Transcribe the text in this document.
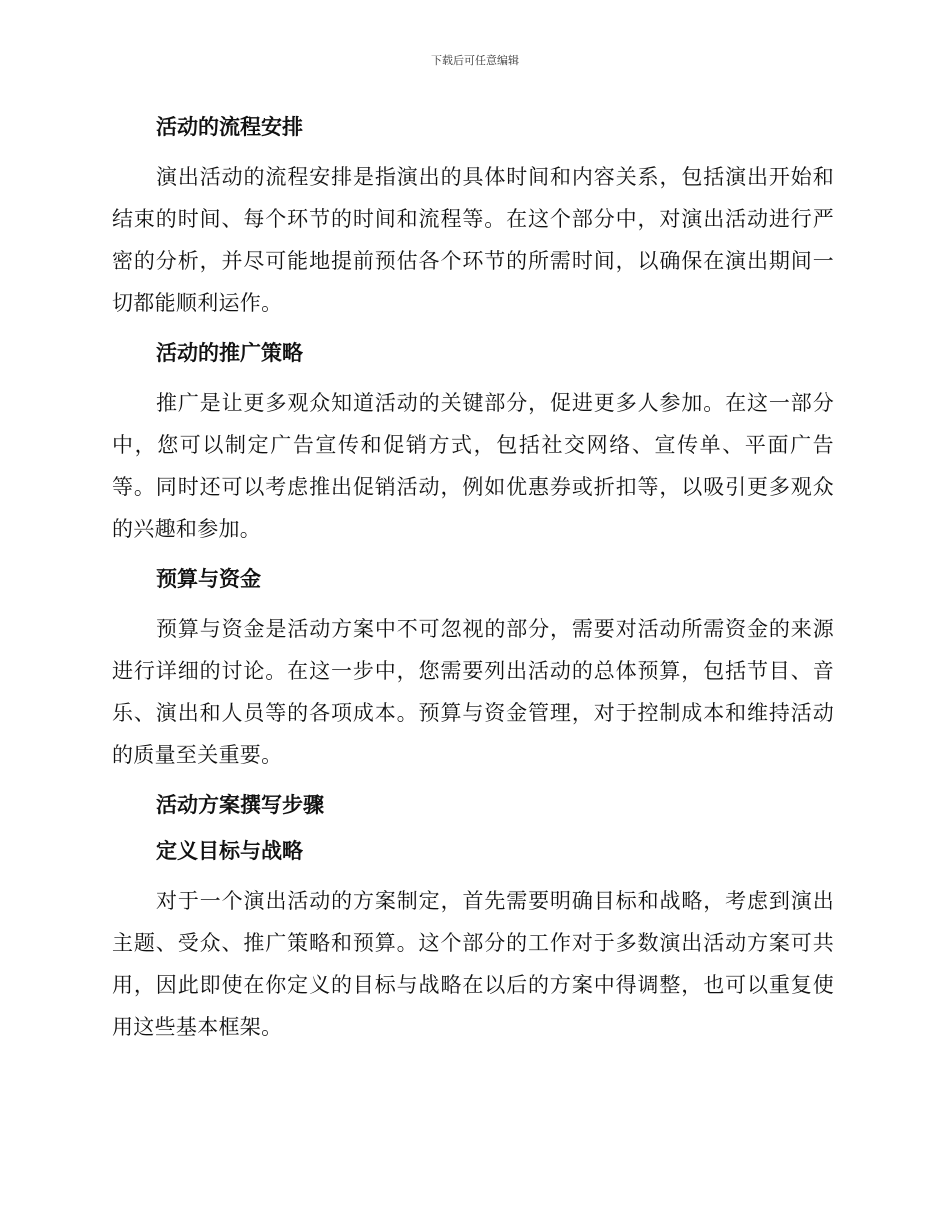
下载后可任意编辑
活动的流程安排

演出活动的流程安排是指演出的具体时间和内容关系，包括演出开始和结束的时间、每个环节的时间和流程等。在这个部分中，对演出活动进行严密的分析，并尽可能地提前预估各个环节的所需时间，以确保在演出期间一切都能顺利运作。

活动的推广策略

推广是让更多观众知道活动的关键部分，促进更多人参加。在这一部分中，您可以制定广告宣传和促销方式，包括社交网络、宣传单、平面广告等。同时还可以考虑推出促销活动，例如优惠券或折扣等，以吸引更多观众的兴趣和参加。

预算与资金

预算与资金是活动方案中不可忽视的部分，需要对活动所需资金的来源进行详细的讨论。在这一步中，您需要列出活动的总体预算，包括节目、音乐、演出和人员等的各项成本。预算与资金管理，对于控制成本和维持活动的质量至关重要。

活动方案撰写步骤
定义目标与战略

对于一个演出活动的方案制定，首先需要明确目标和战略，考虑到演出主题、受众、推广策略和预算。这个部分的工作对于多数演出活动方案可共用，因此即使在你定义的目标与战略在以后的方案中得调整，也可以重复使用这些基本框架。
